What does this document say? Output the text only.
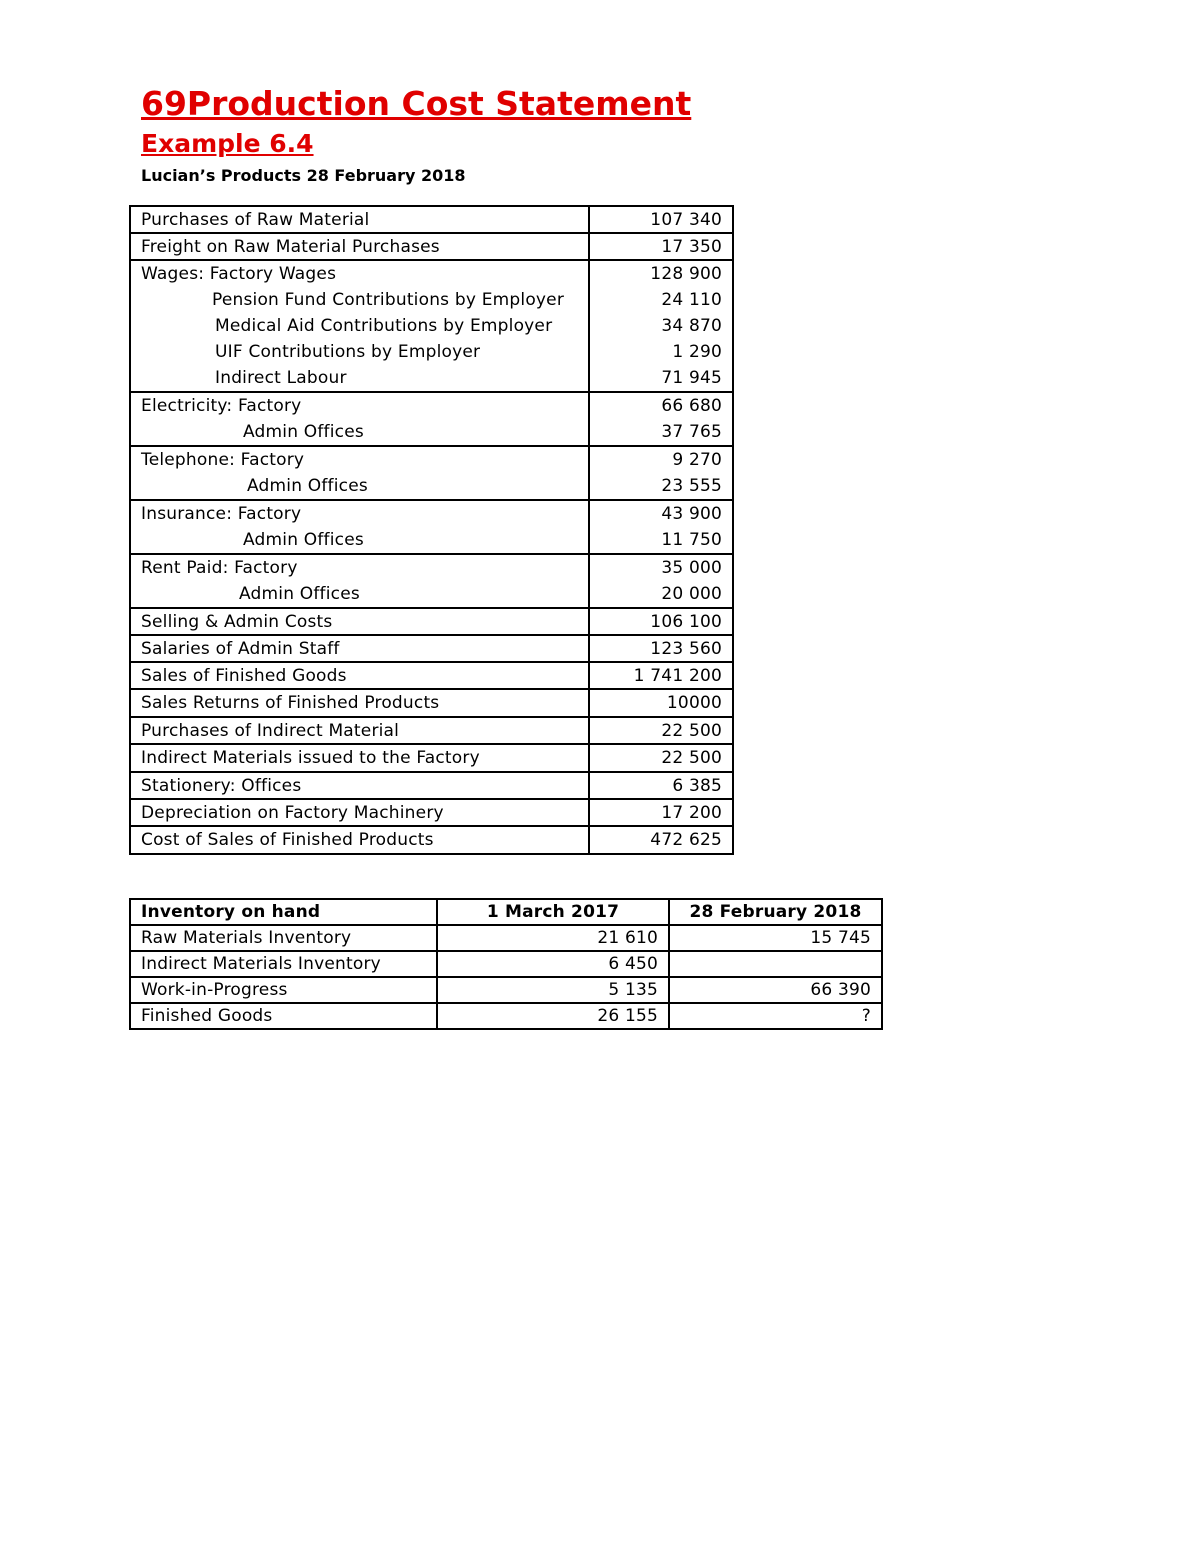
69Production Cost Statement
Example 6.4
Lucian’s Products 28 February 2018
Purchases of Raw Material	107 340
Freight on Raw Material Purchases	17 350
Wages: Factory Wages	128 900
Pension Fund Contributions by Employer	24 110
Medical Aid Contributions by Employer	34 870
UIF Contributions by Employer	1 290
Indirect Labour	71 945
Electricity: Factory	66 680
Admin Offices	37 765
Telephone: Factory	9 270
Admin Offices	23 555
Insurance: Factory	43 900
Admin Offices	11 750
Rent Paid: Factory	35 000
Admin Offices	20 000
Selling & Admin Costs	106 100
Salaries of Admin Staff	123 560
Sales of Finished Goods	1 741 200
Sales Returns of Finished Products	10000
Purchases of Indirect Material	22 500
Indirect Materials issued to the Factory	22 500
Stationery: Offices	6 385
Depreciation on Factory Machinery	17 200
Cost of Sales of Finished Products	472 625
Inventory on hand	1 March 2017	28 February 2018
Raw Materials Inventory	21 610	15 745
Indirect Materials Inventory	6 450	
Work-in-Progress	5 135	66 390
Finished Goods	26 155	?
